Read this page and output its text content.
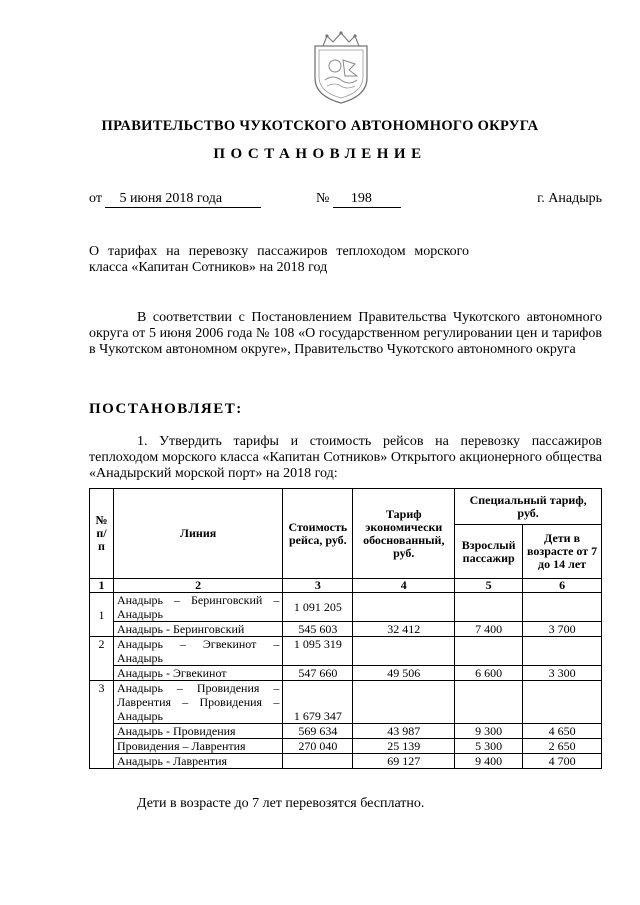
ПРАВИТЕЛЬСТВО ЧУКОТСКОГО АВТОНОМНОГО ОКРУГА
ПОСТАНОВЛЕНИЕ
от 5 июня 2018 года	№ 198	г. Анадырь

О тарифах на перевозку пассажиров теплоходом морского класса «Капитан Сотников» на 2018 год

В соответствии с Постановлением Правительства Чукотского автономного округа от 5 июня 2006 года № 108 «О государственном регулировании цен и тарифов в Чукотском автономном округе», Правительство Чукотского автономного округа

ПОСТАНОВЛЯЕТ:

1. Утвердить тарифы и стоимость рейсов на перевозку пассажиров теплоходом морского класса «Капитан Сотников» Открытого акционерного общества «Анадырский морской порт» на 2018 год:

№ п/п	Линия	Стоимость рейса, руб.	Тариф экономически обоснованный, руб.	Специальный тариф, руб.	
				Взрослый пассажир	Дети в возрасте от 7 до 14 лет
1	2	3	4	5	6
1	Анадырь – Беринговский – Анадырь	1 091 205			
	Анадырь - Беринговский	545 603	32 412	7 400	3 700
2	Анадырь – Эгвекинот – Анадырь	1 095 319			
	Анадырь - Эгвекинот	547 660	49 506	6 600	3 300
3	Анадырь – Провидения – Лаврентия – Провидения – Анадырь	1 679 347			
	Анадырь - Провидения	569 634	43 987	9 300	4 650
	Провидения – Лаврентия	270 040	25 139	5 300	2 650
	Анадырь - Лаврентия		69 127	9 400	4 700
Дети в возрасте до 7 лет перевозятся бесплатно.
